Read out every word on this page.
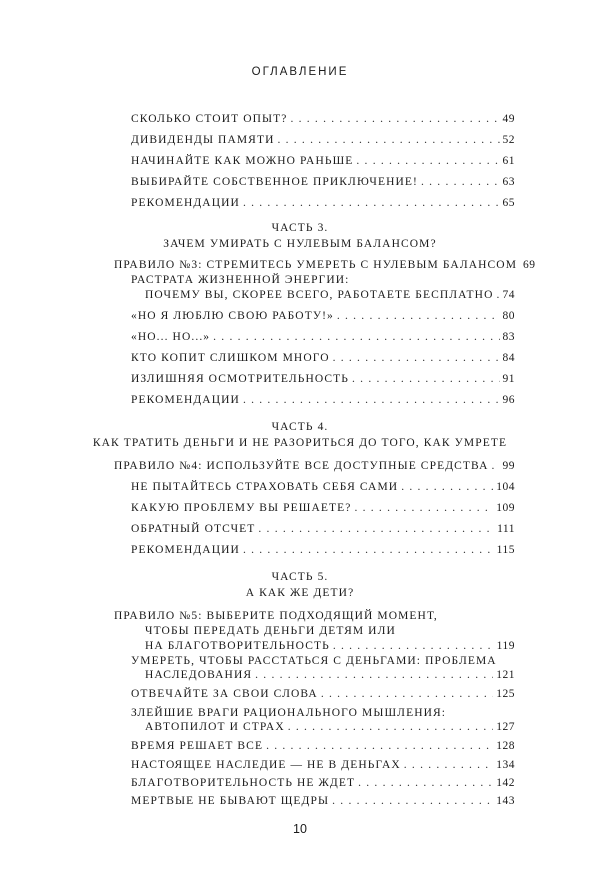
ОГЛАВЛЕНИЕ
СКОЛЬКО СТОИТ ОПЫТ? . . .	49
ДИВИДЕНДЫ ПАМЯТИ . . .	52
НАЧИНАЙТЕ КАК МОЖНО РАНЬШЕ . . .	61
ВЫБИРАЙТЕ СОБСТВЕННОЕ ПРИКЛЮЧЕНИЕ! . . .	63
РЕКОМЕНДАЦИИ . . .	65
ЧАСТЬ 3.
ЗАЧЕМ УМИРАТЬ С НУЛЕВЫМ БАЛАНСОМ?
ПРАВИЛО №3: СТРЕМИТЕСЬ УМЕРЕТЬ С НУЛЕВЫМ БАЛАНСОМ 69
РАСТРАТА ЖИЗНЕННОЙ ЭНЕРГИИ:
ПОЧЕМУ ВЫ, СКОРЕЕ ВСЕГО, РАБОТАЕТЕ БЕСПЛАТНО . . . 74
«НО Я ЛЮБЛЮ СВОЮ РАБОТУ!» . . .	80
«НО... НО...» . . .	83
КТО КОПИТ СЛИШКОМ МНОГО . . .	84
ИЗЛИШНЯЯ ОСМОТРИТЕЛЬНОСТЬ . . .	91
РЕКОМЕНДАЦИИ . . .	96
ЧАСТЬ 4.
КАК ТРАТИТЬ ДЕНЬГИ И НЕ РАЗОРИТЬСЯ ДО ТОГО, КАК УМРЕТЕ
ПРАВИЛО №4: ИСПОЛЬЗУЙТЕ ВСЕ ДОСТУПНЫЕ СРЕДСТВА . . . 99
НЕ ПЫТАЙТЕСЬ СТРАХОВАТЬ СЕБЯ САМИ . . .	104
КАКУЮ ПРОБЛЕМУ ВЫ РЕШАЕТЕ? . . .	109
ОБРАТНЫЙ ОТСЧЕТ . . .	111
РЕКОМЕНДАЦИИ . . .	115
ЧАСТЬ 5.
А КАК ЖЕ ДЕТИ?
ПРАВИЛО №5: ВЫБЕРИТЕ ПОДХОДЯЩИЙ МОМЕНТ,
ЧТОБЫ ПЕРЕДАТЬ ДЕНЬГИ ДЕТЯМ ИЛИ
НА БЛАГОТВОРИТЕЛЬНОСТЬ . . .	119
УМЕРЕТЬ, ЧТОБЫ РАССТАТЬСЯ С ДЕНЬГАМИ: ПРОБЛЕМА
НАСЛЕДОВАНИЯ . . .	121
ОТВЕЧАЙТЕ ЗА СВОИ СЛОВА . . .	125
ЗЛЕЙШИЕ ВРАГИ РАЦИОНАЛЬНОГО МЫШЛЕНИЯ:
АВТОПИЛОТ И СТРАХ . . .	127
ВРЕМЯ РЕШАЕТ ВСЕ . . .	128
10
НАСТОЯЩЕЕ НАСЛЕДИЕ — НЕ В ДЕНЬГАХ . . .	134
БЛАГОТВОРИТЕЛЬНОСТЬ НЕ ЖДЕТ . . .	142
МЕРТВЫЕ НЕ БЫВАЮТ ЩЕДРЫ . . .	143
